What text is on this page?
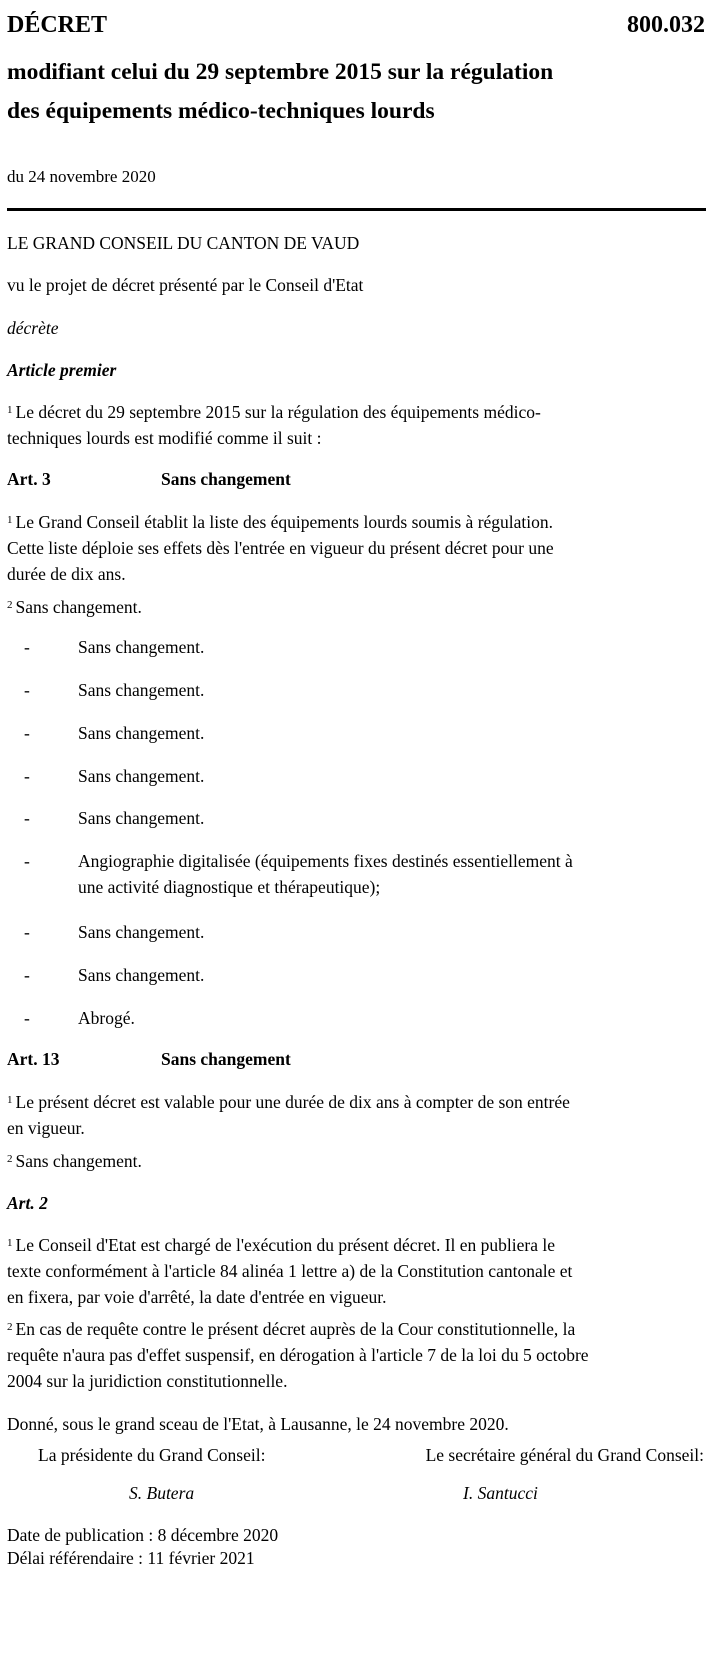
DÉCRET	800.032
modifiant celui du 29 septembre 2015 sur la régulation
des équipements médico-techniques lourds
du 24 novembre 2020
LE GRAND CONSEIL DU CANTON DE VAUD
vu le projet de décret présenté par le Conseil d'Etat
décrète
Article premier
$^1$ Le décret du 29 septembre 2015 sur la régulation des équipements médico-
techniques lourds est modifié comme il suit :
Art. 3	Sans changement
$^1$ Le Grand Conseil établit la liste des équipements lourds soumis à régulation.
Cette liste déploie ses effets dès l'entrée en vigueur du présent décret pour une
durée de dix ans.
$^2$ Sans changement.
-	Sans changement.
-	Sans changement.
-	Sans changement.
-	Sans changement.
-	Sans changement.
-	Angiographie digitalisée (équipements fixes destinés essentiellement à
une activité diagnostique et thérapeutique);
-	Sans changement.
-	Sans changement.
-	Abrogé.
Art. 13	Sans changement
$^1$ Le présent décret est valable pour une durée de dix ans à compter de son entrée
en vigueur.
$^2$ Sans changement.
Art. 2
$^1$ Le Conseil d'Etat est chargé de l'exécution du présent décret. Il en publiera le
texte conformément à l'article 84 alinéa 1 lettre a) de la Constitution cantonale et
en fixera, par voie d'arrêté, la date d'entrée en vigueur.
$^2$ En cas de requête contre le présent décret auprès de la Cour constitutionnelle, la
requête n'aura pas d'effet suspensif, en dérogation à l'article 7 de la loi du 5 octobre
2004 sur la juridiction constitutionnelle.
Donné, sous le grand sceau de l'Etat, à Lausanne, le 24 novembre 2020.
La présidente du Grand Conseil:	Le secrétaire général du Grand Conseil:
S. Butera	I. Santucci
Date de publication : 8 décembre 2020
Délai référendaire : 11 février 2021
